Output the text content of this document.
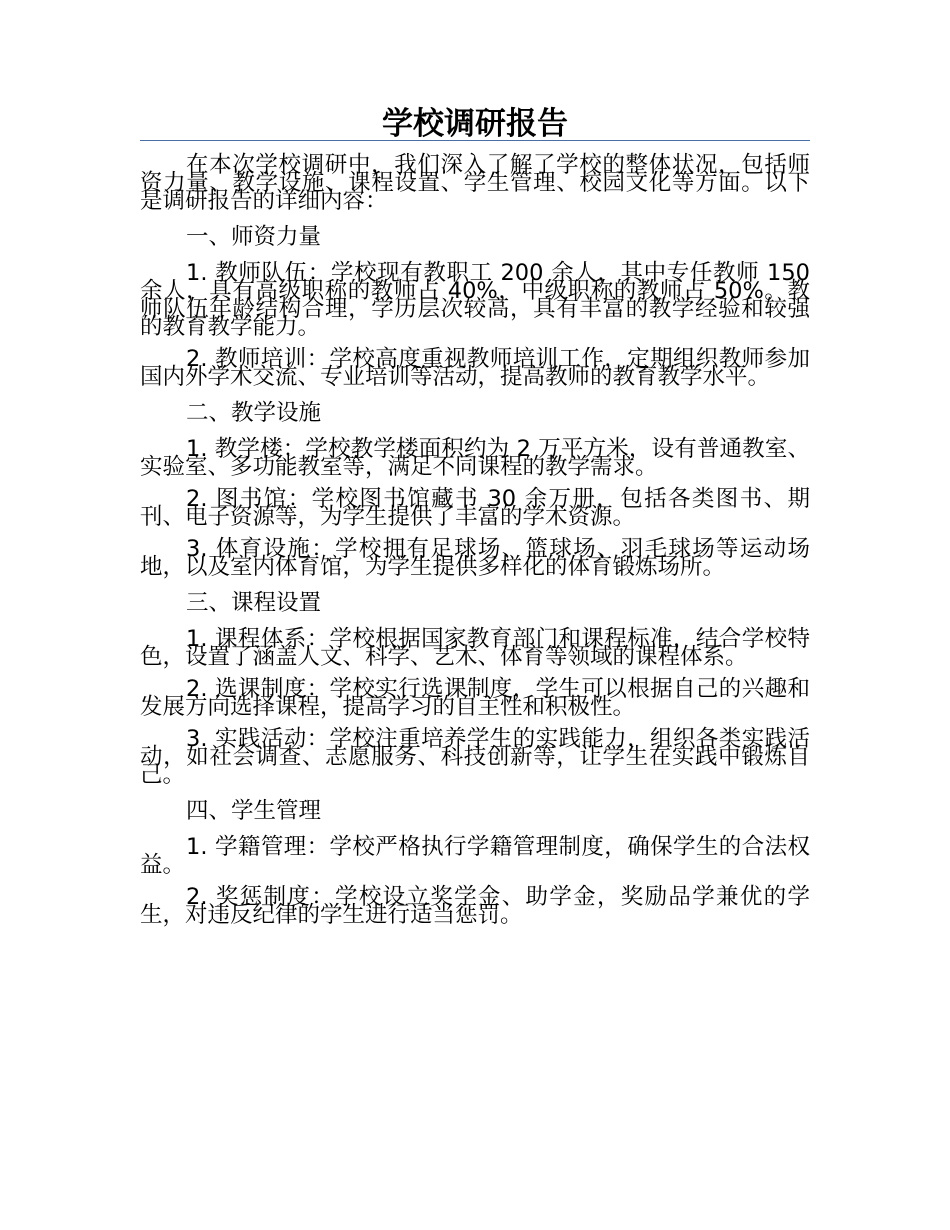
学校调研报告

在本次学校调研中，我们深入了解了学校的整体状况，包括师资力量、教学设施、课程设置、学生管理、校园文化等方面。以下是调研报告的详细内容：

一、师资力量

1. 教师队伍：学校现有教职工 200 余人，其中专任教师 150 余人，具有高级职称的教师占 40%，中级职称的教师占 50%。教师队伍年龄结构合理，学历层次较高，具有丰富的教学经验和较强的教育教学能力。

2. 教师培训：学校高度重视教师培训工作，定期组织教师参加国内外学术交流、专业培训等活动，提高教师的教育教学水平。

二、教学设施

1. 教学楼：学校教学楼面积约为 2 万平方米，设有普通教室、实验室、多功能教室等，满足不同课程的教学需求。

2. 图书馆：学校图书馆藏书 30 余万册，包括各类图书、期刊、电子资源等，为学生提供了丰富的学术资源。

3. 体育设施：学校拥有足球场、篮球场、羽毛球场等运动场地，以及室内体育馆，为学生提供多样化的体育锻炼场所。

三、课程设置

1. 课程体系：学校根据国家教育部门和课程标准，结合学校特色，设置了涵盖人文、科学、艺术、体育等领域的课程体系。

2. 选课制度：学校实行选课制度，学生可以根据自己的兴趣和发展方向选择课程，提高学习的自主性和积极性。

3. 实践活动：学校注重培养学生的实践能力，组织各类实践活动，如社会调查、志愿服务、科技创新等，让学生在实践中锻炼自己。

四、学生管理

1. 学籍管理：学校严格执行学籍管理制度，确保学生的合法权益。

2. 奖惩制度：学校设立奖学金、助学金，奖励品学兼优的学生，对违反纪律的学生进行适当惩罚。
